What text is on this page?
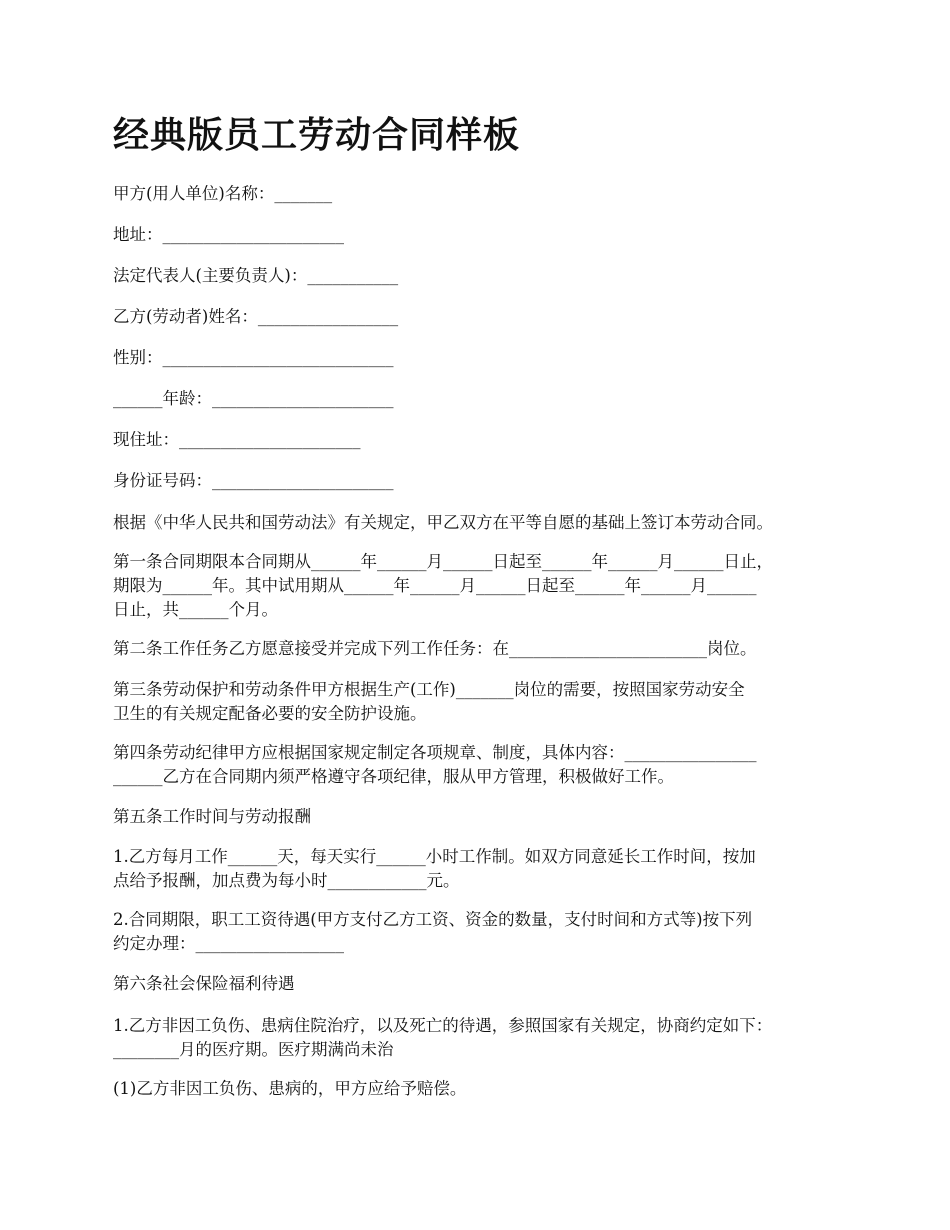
经典版员工劳动合同样板

甲方(用人单位)名称：_______

地址：______________________

法定代表人(主要负责人)：___________

乙方(劳动者)姓名：_________________

性别：____________________________

______年龄：______________________

现住址：______________________

身份证号码：______________________

根据《中华人民共和国劳动法》有关规定，甲乙双方在平等自愿的基础上签订本劳动合同。

第一条合同期限本合同期从______年______月______日起至______年______月______日止，
期限为______年。其中试用期从______年______月______日起至______年______月______
日止，共______个月。

第二条工作任务乙方愿意接受并完成下列工作任务：在________________________岗位。

第三条劳动保护和劳动条件甲方根据生产(工作)_______岗位的需要，按照国家劳动安全
卫生的有关规定配备必要的安全防护设施。

第四条劳动纪律甲方应根据国家规定制定各项规章、制度，具体内容：________________
______乙方在合同期内须严格遵守各项纪律，服从甲方管理，积极做好工作。

第五条工作时间与劳动报酬

1.乙方每月工作______天，每天实行______小时工作制。如双方同意延长工作时间，按加
点给予报酬，加点费为每小时____________元。

2.合同期限，职工工资待遇(甲方支付乙方工资、资金的数量，支付时间和方式等)按下列
约定办理：__________________

第六条社会保险福利待遇

1.乙方非因工负伤、患病住院治疗，以及死亡的待遇，参照国家有关规定，协商约定如下：
________月的医疗期。医疗期满尚未治

(1)乙方非因工负伤、患病的，甲方应给予赔偿。
